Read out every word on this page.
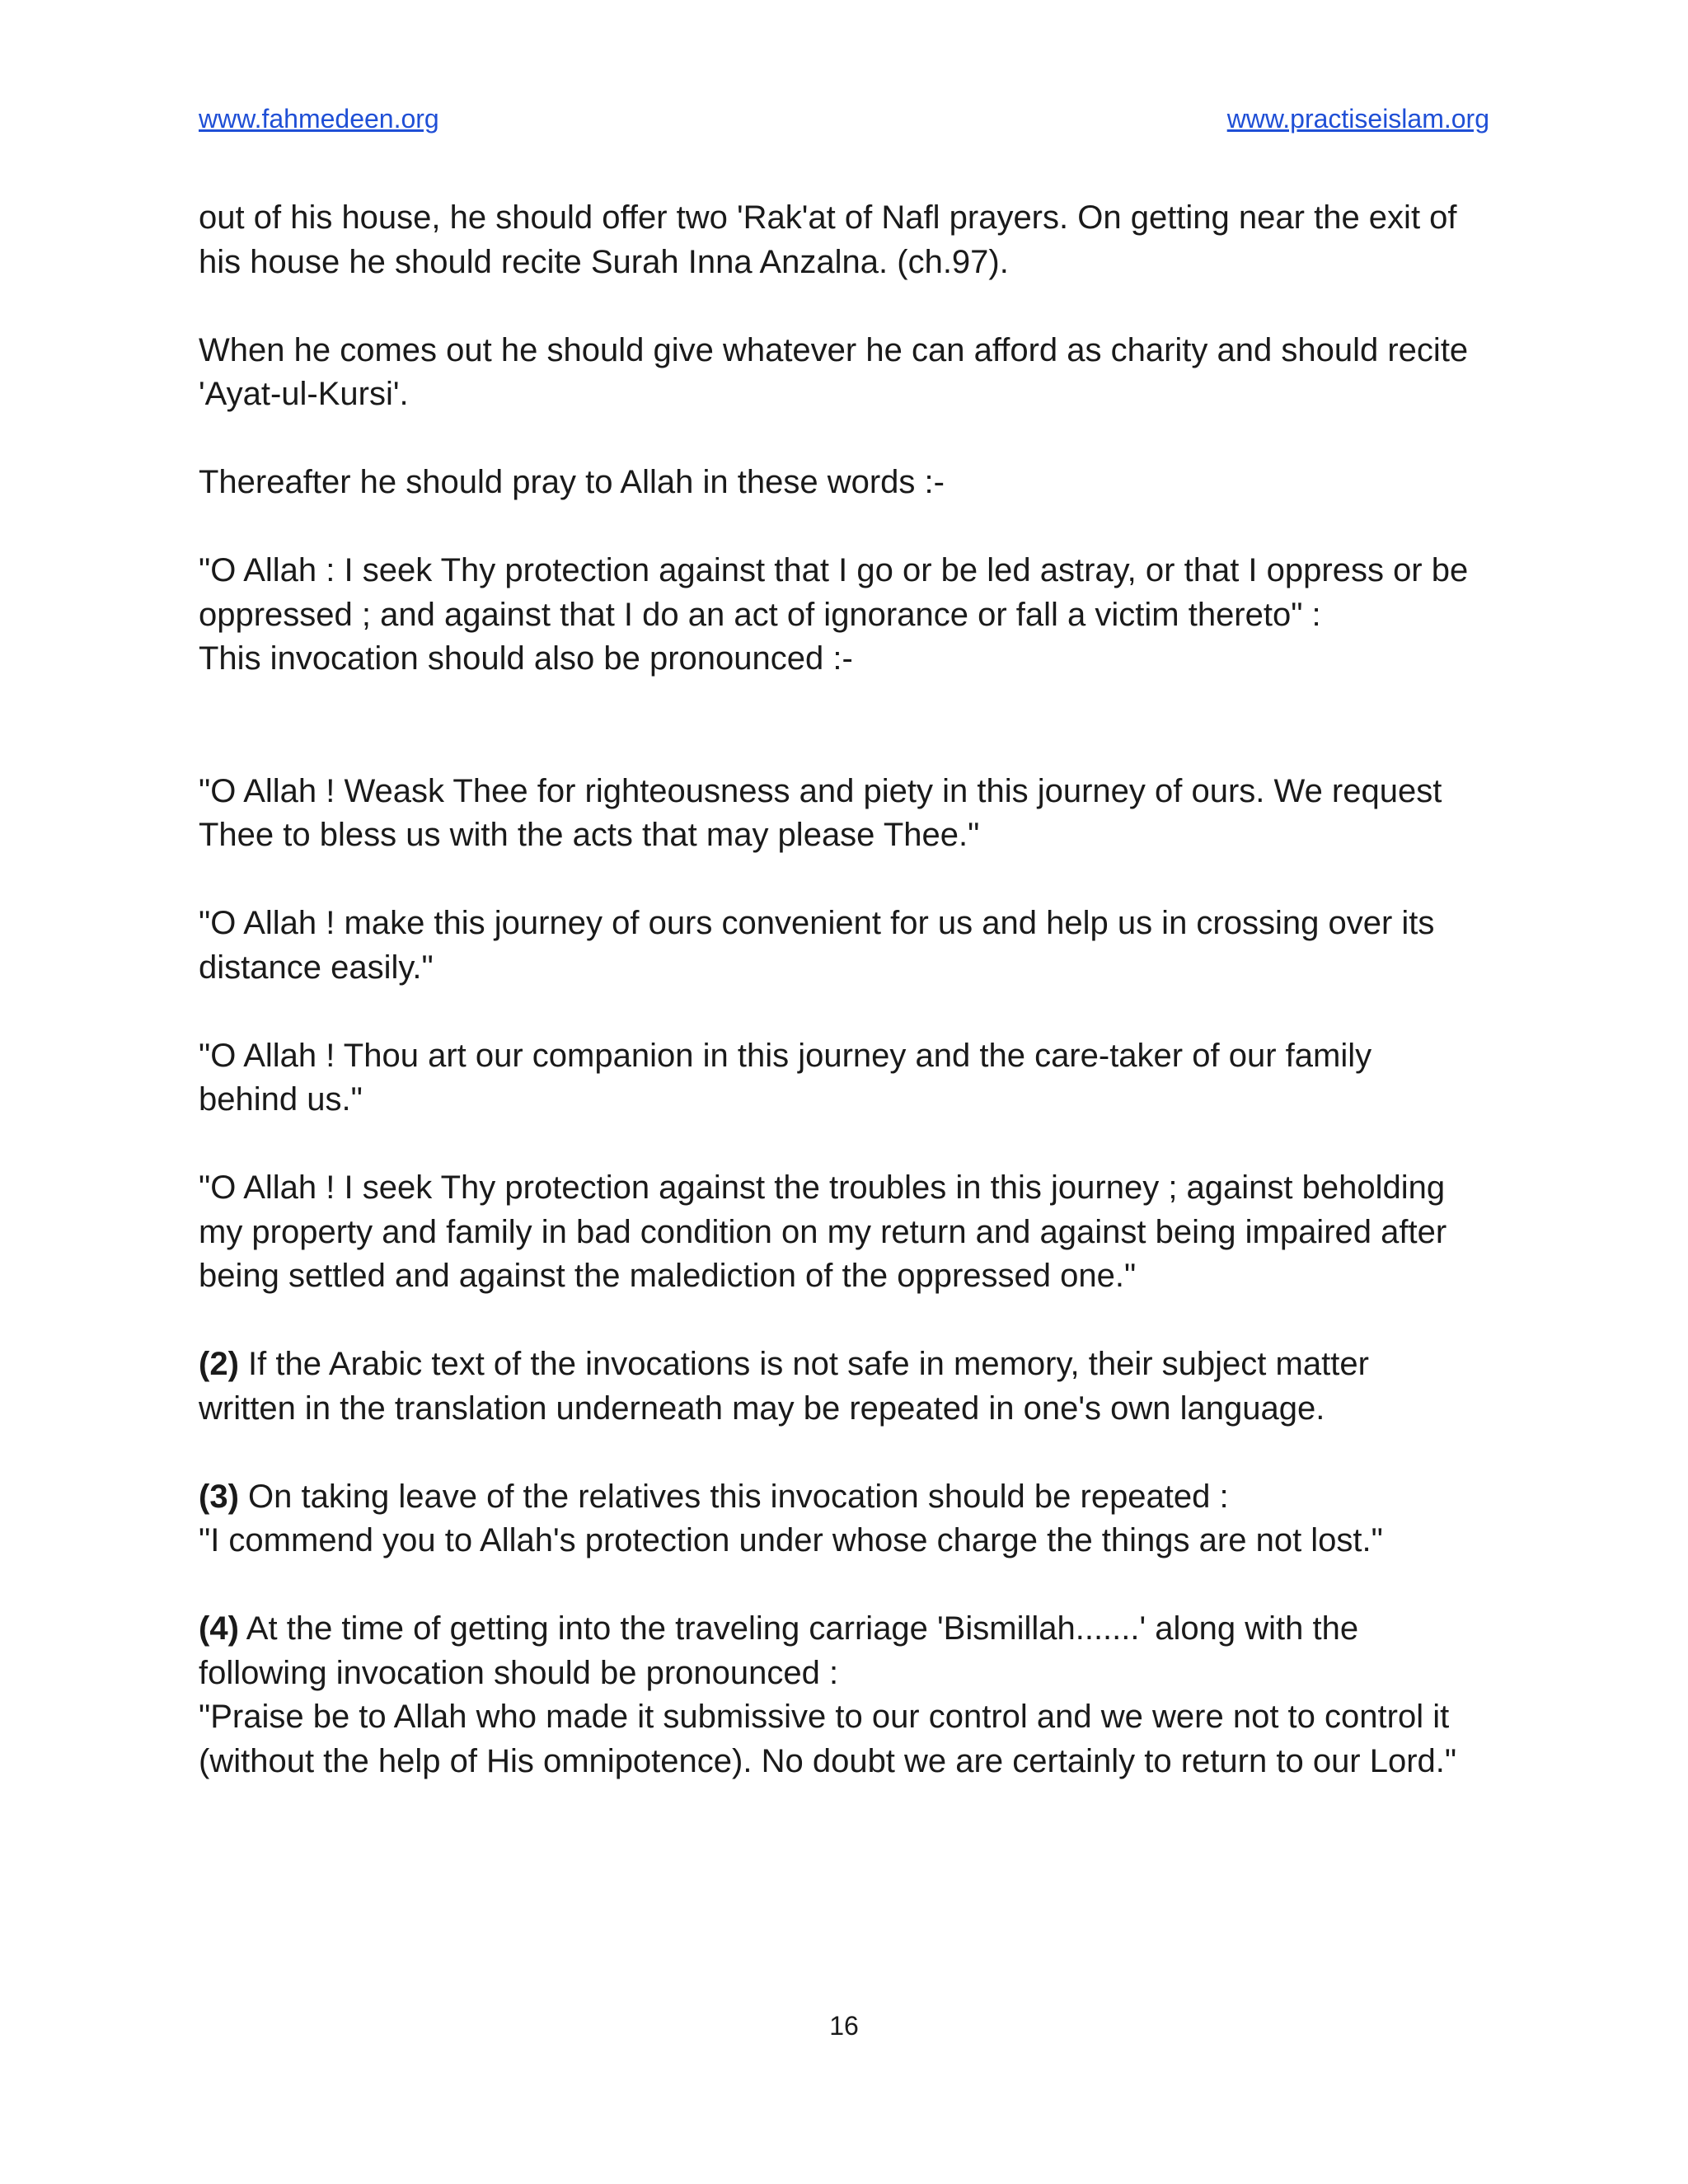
www.fahmedeen.org	www.practiseislam.org

out of his house, he should offer two 'Rak'at of Nafl prayers. On getting near the exit of
his house he should recite Surah Inna Anzalna. (ch.97).

When he comes out he should give whatever he can afford as charity and should recite
'Ayat-ul-Kursi'.

Thereafter he should pray to Allah in these words :-

"O Allah : I seek Thy protection against that I go or be led astray, or that I oppress or be
oppressed ; and against that I do an act of ignorance or fall a victim thereto" :
This invocation should also be pronounced :-

"O Allah ! Weask Thee for righteousness and piety in this journey of ours. We request
Thee to bless us with the acts that may please Thee."

"O Allah ! make this journey of ours convenient for us and help us in crossing over its
distance easily."

"O Allah ! Thou art our companion in this journey and the care-taker of our family
behind us."

"O Allah ! I seek Thy protection against the troubles in this journey ; against beholding
my property and family in bad condition on my return and against being impaired after
being settled and against the malediction of the oppressed one."

(2) If the Arabic text of the invocations is not safe in memory, their subject matter
written in the translation underneath may be repeated in one's own language.

(3) On taking leave of the relatives this invocation should be repeated :
"I commend you to Allah's protection under whose charge the things are not lost."

(4) At the time of getting into the traveling carriage 'Bismillah.......' along with the
following invocation should be pronounced :
"Praise be to Allah who made it submissive to our control and we were not to control it
(without the help of His omnipotence). No doubt we are certainly to return to our Lord."

16
